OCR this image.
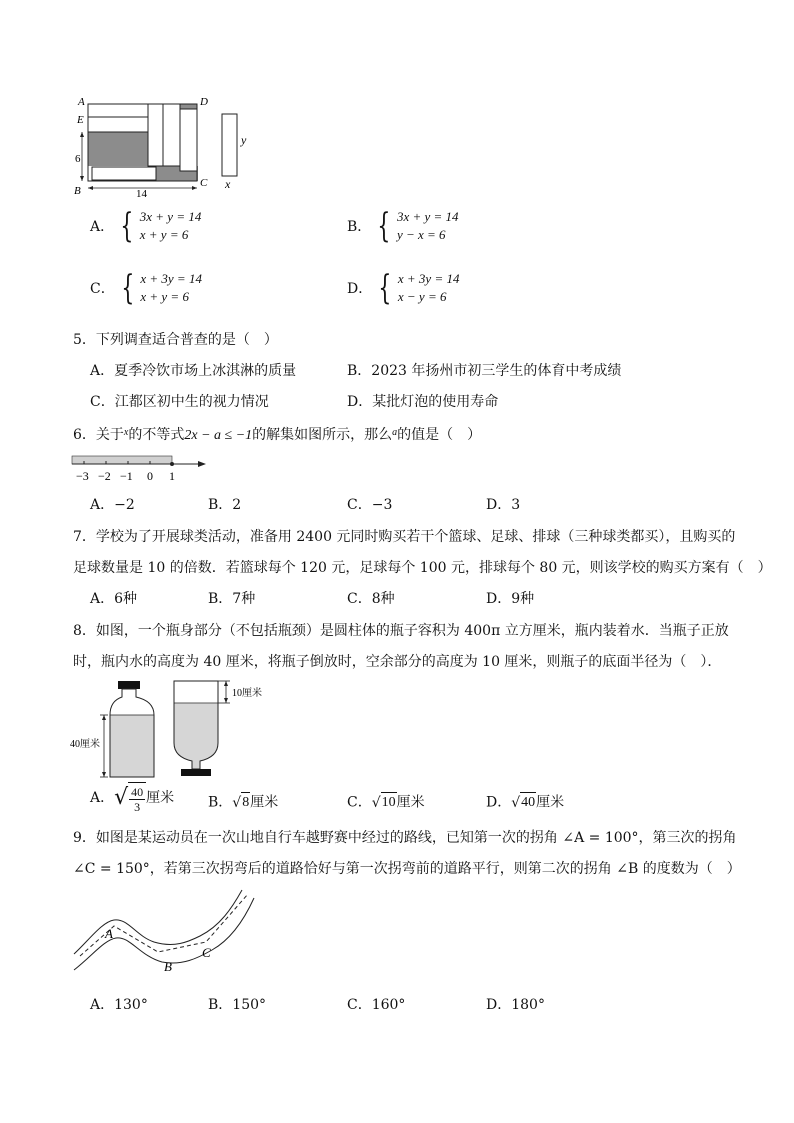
A	D
E
6
B
C
14
y
x
A． { 3x + y = 14
x + y = 6	B． { 3x + y = 14
y − x = 6
C． { x + 3y = 14
x + y = 6	D． { x + 3y = 14
x − y = 6
5．下列调查适合普查的是（　）
A．夏季冷饮市场上冰淇淋的质量	B．2023 年扬州市初三学生的体育中考成绩
C．江都区初中生的视力情况	D．某批灯泡的使用寿命
6．关于$^x$的不等式2x − a ≤ −1的解集如图所示，那么$^a$的值是（　）
−3 −2 −1 0 1
A．−2	B．2	C．−3	D．3
7．学校为了开展球类活动，准备用 2400 元同时购买若干个篮球、足球、排球（三种球类都买），且购买的
足球数量是 10 的倍数．若篮球每个 120 元，足球每个 100 元，排球每个 80 元，则该学校的购买方案有（　）
A．6种	B．7种	C．8种	D．9种
8．如图，一个瓶身部分（不包括瓶颈）是圆柱体的瓶子容积为 400π 立方厘米，瓶内装着水．当瓶子正放
时，瓶内水的高度为 40 厘米，将瓶子倒放时，空余部分的高度为 10 厘米，则瓶子的底面半径为（　）．
40厘米
10厘米
A． √ $\frac{40}{3}$ 厘米 B． √ 8 厘米	C． √ 10 厘米	D． √ 40 厘米
9．如图是某运动员在一次山地自行车越野赛中经过的路线，已知第一次的拐角 ∠A = 100°，第三次的拐角
∠C = 150°，若第三次拐弯后的道路恰好与第一次拐弯前的道路平行，则第二次的拐角 ∠B 的度数为（　）
A
B
C
A．130°	B．150°	C．160°	D．180°
